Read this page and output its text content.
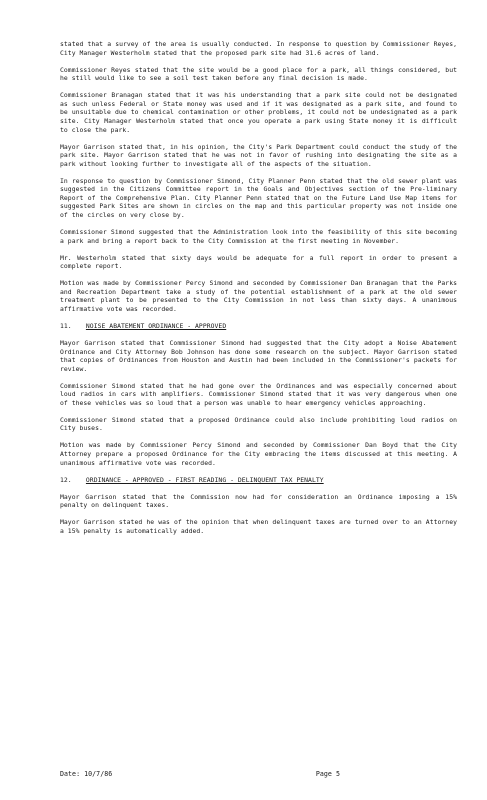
stated that a survey of the area is usually conducted. In response to question by Commissioner Reyes, City Manager Westerholm stated that the proposed park site had 31.6 acres of land.

Commissioner Reyes stated that the site would be a good place for a park, all things considered, but he still would like to see a soil test taken before any final decision is made.

Commissioner Branagan stated that it was his understanding that a park site could not be designated as such unless Federal or State money was used and if it was designated as a park site, and found to be unsuitable due to chemical contamination or other problems, it could not be undesignated as a park site. City Manager Westerholm stated that once you operate a park using State money it is difficult to close the park.

Mayor Garrison stated that, in his opinion, the City's Park Department could conduct the study of the park site. Mayor Garrison stated that he was not in favor of rushing into designating the site as a park without looking further to investigate all of the aspects of the situation.

In response to question by Commissioner Simond, City Planner Penn stated that the old sewer plant was suggested in the Citizens Committee report in the Goals and Objectives section of the Pre-liminary Report of the Comprehensive Plan. City Planner Penn stated that on the Future Land Use Map items for suggested Park Sites are shown in circles on the map and this particular property was not inside one of the circles on very close by.

Commissioner Simond suggested that the Administration look into the feasibility of this site becoming a park and bring a report back to the City Commission at the first meeting in November.

Mr. Westerholm stated that sixty days would be adequate for a full report in order to present a complete report.

Motion was made by Commissioner Percy Simond and seconded by Commissioner Dan Branagan that the Parks and Recreation Department take a study of the potential establishment of a park at the old sewer treatment plant to be presented to the City Commission in not less than sixty days. A unanimous affirmative vote was recorded.

11. NOISE ABATEMENT ORDINANCE - APPROVED

Mayor Garrison stated that Commissioner Simond had suggested that the City adopt a Noise Abatement Ordinance and City Attorney Bob Johnson has done some research on the subject. Mayor Garrison stated that copies of Ordinances from Houston and Austin had been included in the Commissioner's packets for review.

Commissioner Simond stated that he had gone over the Ordinances and was especially concerned about loud radios in cars with amplifiers. Commissioner Simond stated that it was very dangerous when one of these vehicles was so loud that a person was unable to hear emergency vehicles approaching.

Commissioner Simond stated that a proposed Ordinance could also include prohibiting loud radios on City buses.

Motion was made by Commissioner Percy Simond and seconded by Commissioner Dan Boyd that the City Attorney prepare a proposed Ordinance for the City embracing the items discussed at this meeting. A unanimous affirmative vote was recorded.

12. ORDINANCE - APPROVED - FIRST READING - DELINQUENT TAX PENALTY

Mayor Garrison stated that the Commission now had for consideration an Ordinance imposing a 15% penalty on delinquent taxes.

Mayor Garrison stated he was of the opinion that when delinquent taxes are turned over to an Attorney a 15% penalty is automatically added.

Date: 10/7/86	Page 5
